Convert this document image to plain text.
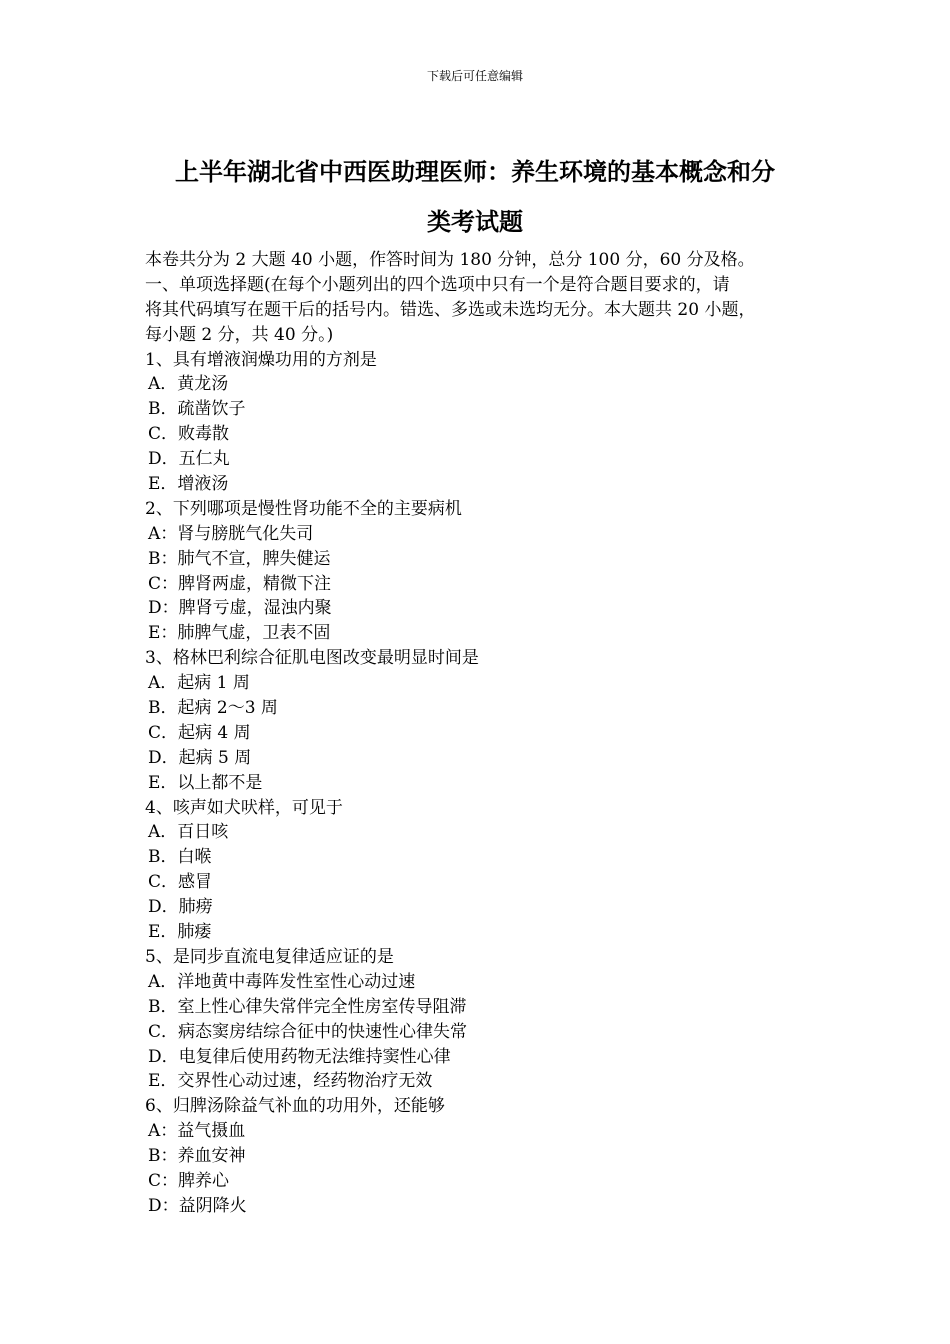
下载后可任意编辑
上半年湖北省中西医助理医师：养生环境的基本概念和分
类考试题
本卷共分为 2 大题 40 小题，作答时间为 180 分钟，总分 100 分，60 分及格。
一、单项选择题(在每个小题列出的四个选项中只有一个是符合题目要求的，请
将其代码填写在题干后的括号内。错选、多选或未选均无分。本大题共 20 小题，
每小题 2 分，共 40 分。)
1、具有增液润燥功用的方剂是
A．黄龙汤
B．疏凿饮子
C．败毒散
D．五仁丸
E．增液汤
2、下列哪项是慢性肾功能不全的主要病机
A：肾与膀胱气化失司
B：肺气不宣，脾失健运
C：脾肾两虚，精微下注
D：脾肾亏虚，湿浊内聚
E：肺脾气虚，卫表不固
3、格林巴利综合征肌电图改变最明显时间是
A．起病 1 周
B．起病 2～3 周
C．起病 4 周
D．起病 5 周
E．以上都不是
4、咳声如犬吠样，可见于
A．百日咳
B．白喉
C．感冒
D．肺痨
E．肺痿
5、是同步直流电复律适应证的是
A．洋地黄中毒阵发性室性心动过速
B．室上性心律失常伴完全性房室传导阻滞
C．病态窦房结综合征中的快速性心律失常
D．电复律后使用药物无法维持窦性心律
E．交界性心动过速，经药物治疗无效
6、归脾汤除益气补血的功用外，还能够
A：益气摄血
B：养血安神
C：脾养心
D：益阴降火
